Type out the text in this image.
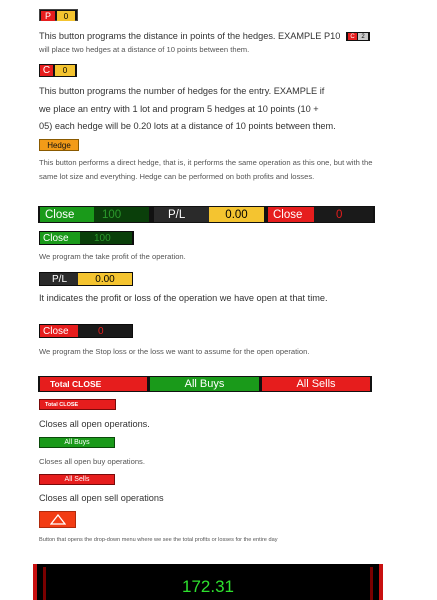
P	0
This button programs the distance in points of the hedges. EXAMPLE P10	C	2
will place two hedges at a distance of 10 points between them.
C	0
This button programs the number of hedges for the entry. EXAMPLE if
we place an entry with 1 lot and program 5 hedges at 10 points (10 +
05) each hedge will be 0.20 lots at a distance of 10 points between them.
Hedge
This button performs a direct hedge, that is, it performs the same operation as this one, but with the
same lot size and everything. Hedge can be performed on both profits and losses.
Close	100	P/L	0.00	Close	0
Close	100
We program the take profit of the operation.
P/L	0.00
It indicates the profit or loss of the operation we have open at that time.
Close	0
We program the Stop loss or the loss we want to assume for the open operation.
Total CLOSE	All Buys	All Sells
Total CLOSE
Closes all open operations.
All Buys
Closes all open buy operations.
All Sells
Closes all open sell operations
Button that opens the drop-down menu where we see the total profits or losses for the entire day
172.31
